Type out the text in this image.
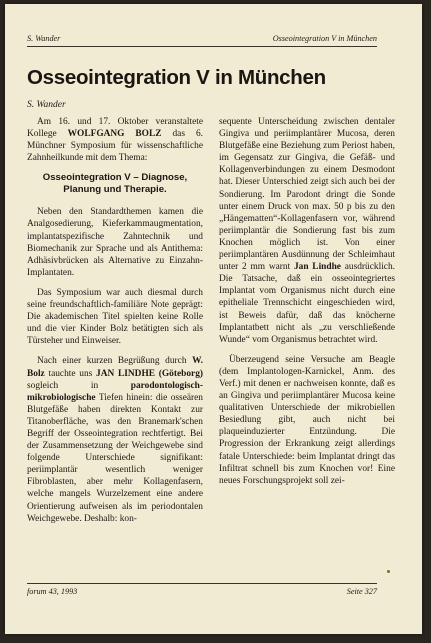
S. Wander	Osseointegration V in München
Osseointegration V in München
S. Wander

Am 16. und 17. Oktober veranstaltete Kollege WOLFGANG BOLZ das 6. Münchner Symposium für wissenschaftliche Zahnheilkunde mit dem Thema:

Osseointegration V – Diagnose, Planung und Therapie.

Neben den Standardthemen kamen die Analgosedierung, Kieferkammaugmentation, implantatspezifische Zahntechnik und Biomechanik zur Sprache und als Antithema: Adhäsivbrücken als Alternative zu Einzahn- Implantaten.

Das Symposium war auch diesmal durch seine freundschaftlich-familiäre Note geprägt: Die akademischen Titel spielten keine Rolle und die vier Kinder Bolz betätigten sich als Türsteher und Einweiser.

Nach einer kurzen Begrüßung durch W. Bolz tauchte uns JAN LINDHE (Göteborg) sogleich in parodontologisch-mikrobiologische Tiefen hinein: die osseären Blutgefäße haben direkten Kontakt zur Titanoberfläche, was den Branemark'schen Begriff der Osseointegration rechtfertigt. Bei der Zusammensetzung der Weichgewebe sind folgende Unterschiede signifikant: periimplantär wesentlich weniger Fibroblasten, aber mehr Kollagenfasern, welche mangels Wurzelzement eine andere Orientierung aufweisen als im periodontalen Weichgewebe. Deshalb: kon-

sequente Unterscheidung zwischen dentaler Gingiva und periimplantärer Mucosa, deren Blutgefäße eine Beziehung zum Periost haben, im Gegensatz zur Gingiva, die Gefäß- und Kollagenverbindungen zu einem Desmodont hat. Dieser Unterschied zeigt sich auch bei der Sondierung. Im Parodont dringt die Sonde unter einem Druck von max. 50 p bis zu den „Hängematten“-Kollagenfasern vor, während periimplantär die Sondierung fast bis zum Knochen möglich ist. Von einer periimplantären Ausdünnung der Schleimhaut unter 2 mm warnt Jan Lindhe ausdrücklich. Die Tatsache, daß ein osseointegriertes Implantat vom Organismus nicht durch eine epitheliale Trennschicht eingeschieden wird, ist Beweis dafür, daß das knöcherne Implantatbett nicht als „zu verschließende Wunde“ vom Organismus betrachtet wird.

Überzeugend seine Versuche am Beagle (dem Implantologen-Karnickel, Anm. des Verf.) mit denen er nachweisen konnte, daß es an Gingiva und periimplantärer Mucosa keine qualitativen Unterschiede der mikrobiellen Besiedlung gibt, auch nicht bei plaqueinduzierter Entzündung. Die Progression der Erkrankung zeigt allerdings fatale Unterschiede: beim Implantat dringt das Infiltrat schnell bis zum Knochen vor! Eine neues Forschungsprojekt soll zei-

forum 43, 1993	Seite 327
